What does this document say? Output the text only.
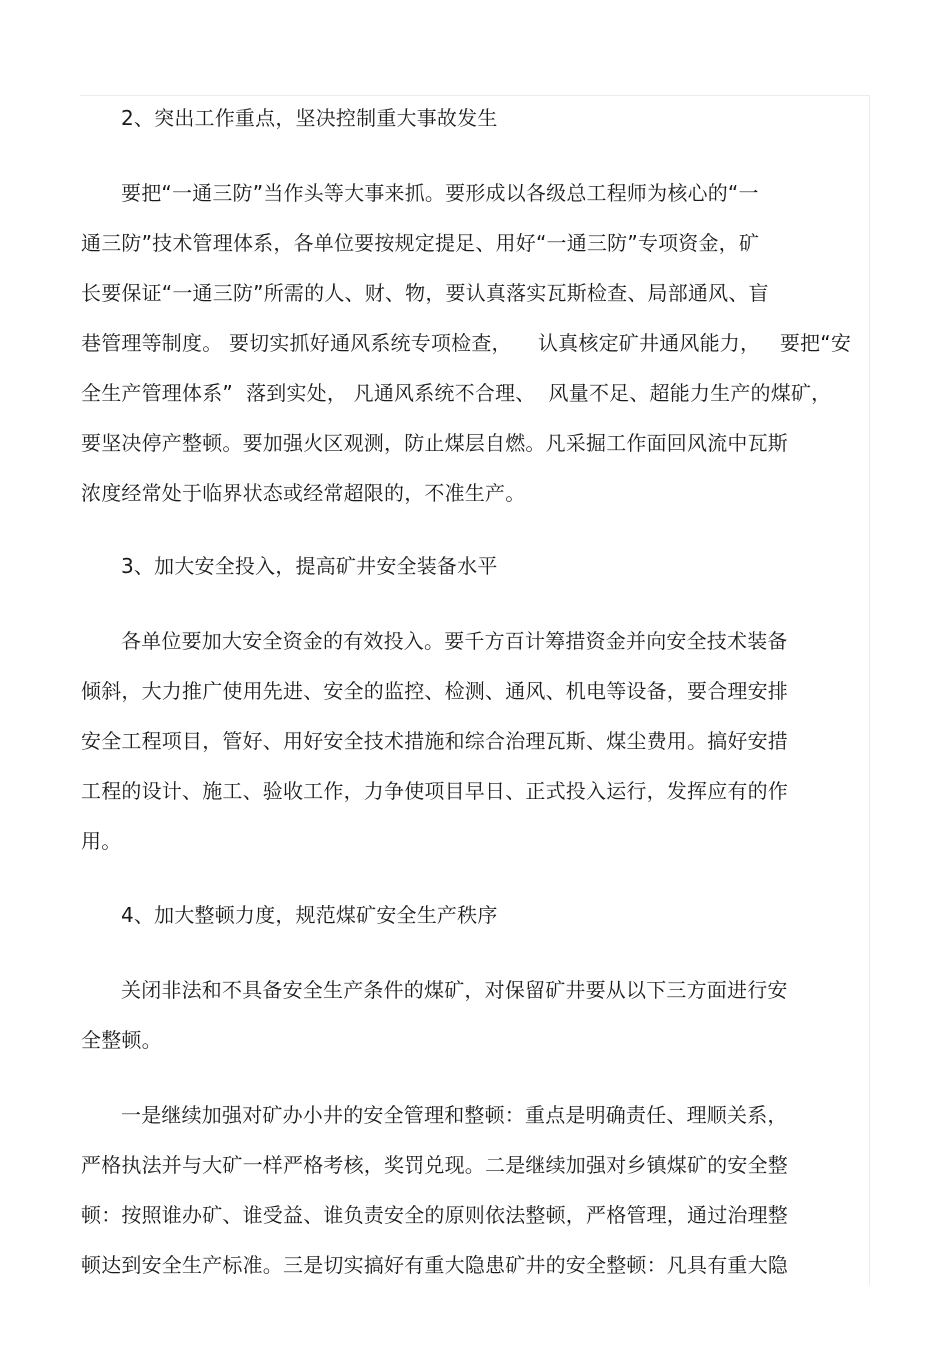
2、突出工作重点，坚决控制重大事故发生
要把“一通三防”当作头等大事来抓。要形成以各级总工程师为核心的“一
通三防”技术管理体系，各单位要按规定提足、用好“一通三防”专项资金，矿
长要保证“一通三防”所需的人、财、物，要认真落实瓦斯检查、局部通风、盲
巷管理等制度。 要切实抓好通风系统专项检查，    认真核定矿井通风能力，   要把“安
全生产管理体系”  落到实处， 凡通风系统不合理、  风量不足、超能力生产的煤矿，
要坚决停产整顿。要加强火区观测，防止煤层自燃。凡采掘工作面回风流中瓦斯
浓度经常处于临界状态或经常超限的，不准生产。
3、加大安全投入，提高矿井安全装备水平
各单位要加大安全资金的有效投入。要千方百计筹措资金并向安全技术装备
倾斜，大力推广使用先进、安全的监控、检测、通风、机电等设备，要合理安排
安全工程项目，管好、用好安全技术措施和综合治理瓦斯、煤尘费用。搞好安措
工程的设计、施工、验收工作，力争使项目早日、正式投入运行，发挥应有的作
用。
4、加大整顿力度，规范煤矿安全生产秩序
关闭非法和不具备安全生产条件的煤矿，对保留矿井要从以下三方面进行安
全整顿。
一是继续加强对矿办小井的安全管理和整顿：重点是明确责任、理顺关系，
严格执法并与大矿一样严格考核，奖罚兑现。二是继续加强对乡镇煤矿的安全整
顿：按照谁办矿、谁受益、谁负责安全的原则依法整顿，严格管理，通过治理整
顿达到安全生产标准。三是切实搞好有重大隐患矿井的安全整顿：凡具有重大隐
